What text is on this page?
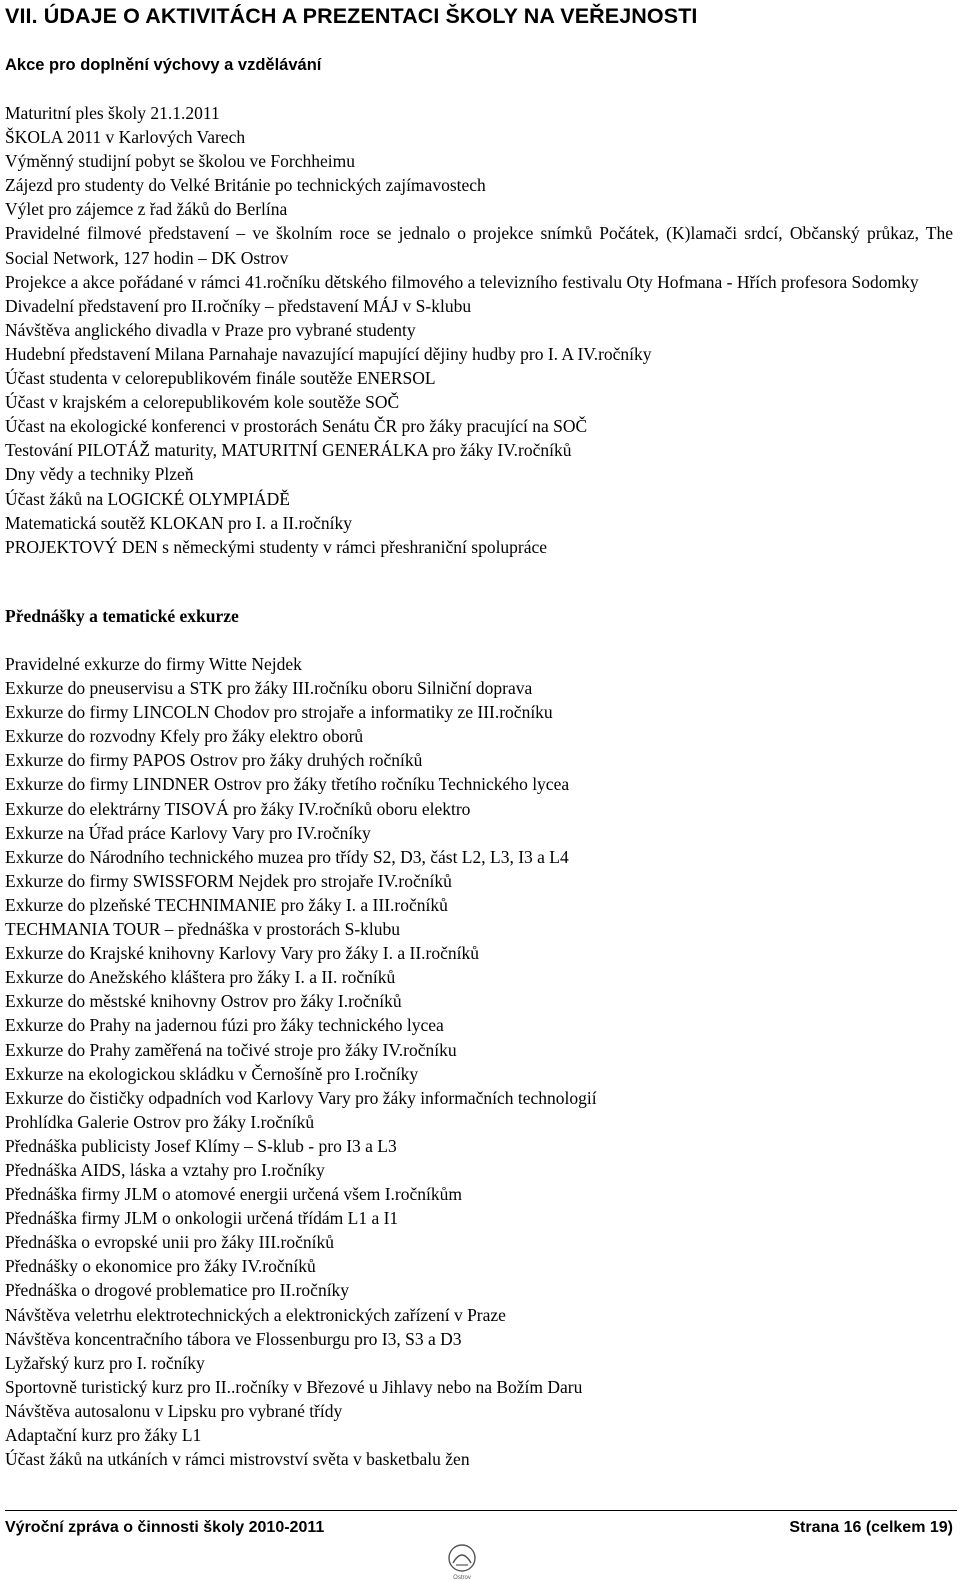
VII. ÚDAJE O AKTIVITÁCH A PREZENTACI ŠKOLY NA VEŘEJNOSTI
Akce pro doplnění výchovy a vzdělávání
Maturitní ples školy 21.1.2011
ŠKOLA 2011 v Karlových Varech
Výměnný studijní pobyt se školou ve Forchheimu
Zájezd pro studenty do Velké Británie po technických zajímavostech
Výlet pro zájemce z řad žáků do Berlína
Pravidelné filmové představení – ve školním roce se jednalo o projekce snímků Počátek, (K)lamači srdcí, Občanský průkaz, The Social Network, 127 hodin – DK Ostrov
Projekce a akce pořádané v rámci 41.ročníku dětského filmového a televizního festivalu Oty Hofmana - Hřích profesora Sodomky
Divadelní představení pro II.ročníky – představení MÁJ v S-klubu
Návštěva anglického divadla v Praze pro vybrané studenty
Hudební představení Milana Parnahaje navazující mapující dějiny hudby pro I. A IV.ročníky
Účast studenta v celorepublikovém finále soutěže ENERSOL
Účast v krajském a celorepublikovém kole soutěže SOČ
Účast na ekologické konferenci v prostorách Senátu ČR pro žáky pracující na SOČ
Testování PILOTÁŽ maturity, MATURITNÍ GENERÁLKA pro žáky IV.ročníků
Dny vědy a techniky Plzeň
Účast žáků na LOGICKÉ OLYMPIÁDĚ
Matematická soutěž KLOKAN pro I. a II.ročníky
PROJEKTOVÝ DEN s německými studenty v rámci přeshraniční spolupráce
Přednášky a tematické exkurze
Pravidelné exkurze do firmy Witte Nejdek
Exkurze do pneuservisu a STK pro žáky III.ročníku oboru Silniční doprava
Exkurze do firmy LINCOLN Chodov pro strojaře a informatiky ze III.ročníku
Exkurze do rozvodny Kfely pro žáky elektro oborů
Exkurze do firmy PAPOS Ostrov pro žáky druhých ročníků
Exkurze do firmy LINDNER Ostrov pro žáky třetího ročníku Technického lycea
Exkurze do elektrárny TISOVÁ pro žáky IV.ročníků oboru elektro
Exkurze na Úřad práce Karlovy Vary pro IV.ročníky
Exkurze do Národního technického muzea pro třídy S2, D3, část L2, L3, I3 a L4
Exkurze do firmy SWISSFORM Nejdek pro strojaře IV.ročníků
Exkurze do plzeňské TECHNIMANIE pro žáky I. a III.ročníků
TECHMANIA TOUR – přednáška v prostorách S-klubu
Exkurze do Krajské knihovny Karlovy Vary pro žáky I. a II.ročníků
Exkurze do Anežského kláštera pro žáky I. a II. ročníků
Exkurze do městské knihovny Ostrov pro žáky I.ročníků
Exkurze do Prahy na jadernou fúzi pro žáky technického lycea
Exkurze do Prahy zaměřená na točivé stroje pro žáky IV.ročníku
Exkurze na ekologickou skládku v Černošíně pro I.ročníky
Exkurze do čističky odpadních vod Karlovy Vary pro žáky informačních technologií
Prohlídka Galerie Ostrov pro žáky I.ročníků
Přednáška publicisty Josef Klímy – S-klub - pro I3 a L3
Přednáška AIDS, láska a vztahy pro I.ročníky
Přednáška firmy JLM o atomové energii určená všem I.ročníkům
Přednáška firmy JLM o onkologii určená třídám L1 a I1
Přednáška o evropské unii pro žáky III.ročníků
Přednášky o ekonomice pro žáky IV.ročníků
Přednáška o drogové problematice pro II.ročníky
Návštěva veletrhu elektrotechnických a elektronických zařízení v Praze
Návštěva koncentračního tábora ve Flossenburgu pro I3, S3 a D3
Lyžařský kurz pro I. ročníky
Sportovně turistický kurz pro II..ročníky v Březové u Jihlavy nebo na Božím Daru
Návštěva autosalonu v Lipsku pro vybrané třídy
Adaptační kurz pro žáky L1
Účast žáků na utkáních v rámci mistrovství světa v basketbalu žen
Výroční zpráva o činnosti školy 2010-2011	Strana 16 (celkem 19)
Ostrov
